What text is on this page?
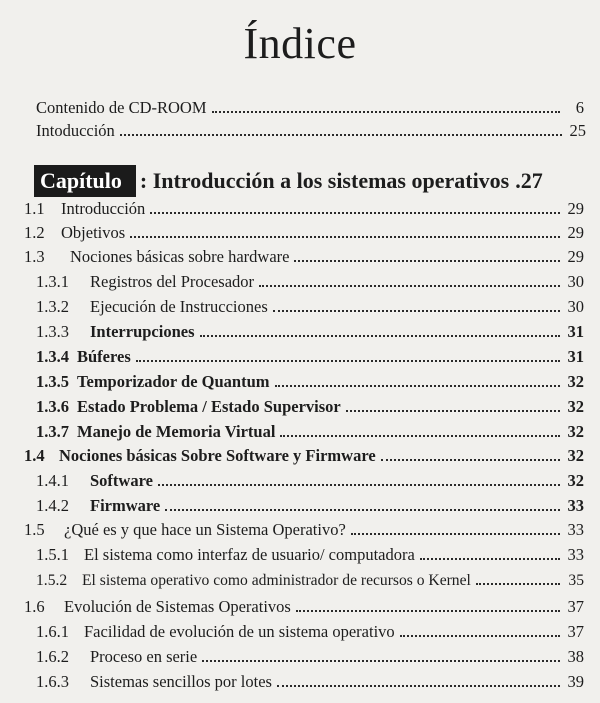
Índice
Contenido de CD-ROOM	6
Intoducción	25
Capítulo : Introducción a los sistemas operativos .27
1.1 Introducción	29
1.2 Objetivos	29
1.3	Nociones básicas sobre hardware	29
1.3.1	Registros del Procesador	30
1.3.2	Ejecución de Instrucciones	30
1.3.3	Interrupciones	31
1.3.4 Búferes	31
1.3.5 Temporizador de Quantum	32
1.3.6 Estado Problema / Estado Supervisor	32
1.3.7 Manejo de Memoria Virtual	32
1.4 Nociones básicas Sobre Software y Firmware	32
1.4.1	Software	32
1.4.2	Firmware	33
1.5	¿Qué es y que hace un Sistema Operativo?	33
1.5.1 El sistema como interfaz de usuario/ computadora	33
1.5.2 El sistema operativo como administrador de recursos o Kernel	35
1.6	Evolución de Sistemas Operativos	37
1.6.1 Facilidad de evolución de un sistema operativo	37
1.6.2	Proceso en serie	38
1.6.3	Sistemas sencillos por lotes	39
